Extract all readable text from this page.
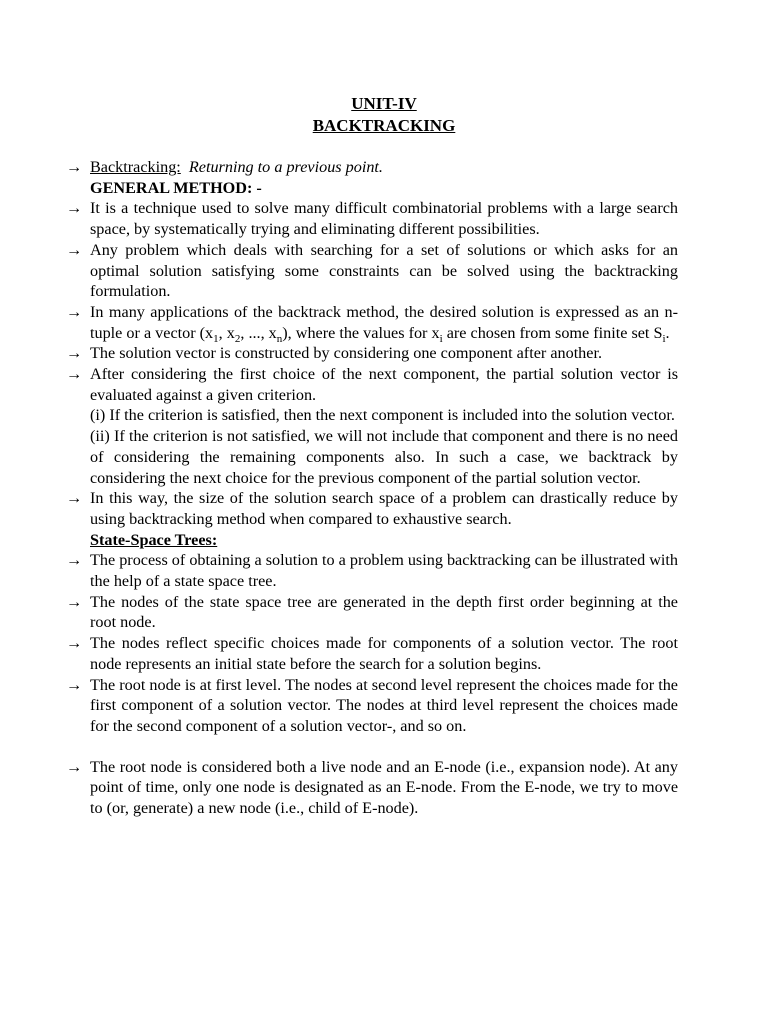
UNIT-IV
BACKTRACKING
→ Backtracking: Returning to a previous point.
GENERAL METHOD: -
→ It is a technique used to solve many difficult combinatorial problems with a large search space, by systematically trying and eliminating different possibilities.
→ Any problem which deals with searching for a set of solutions or which asks for an optimal solution satisfying some constraints can be solved using the backtracking formulation.
→ In many applications of the backtrack method, the desired solution is expressed as an n-tuple or a vector ($x_1$, $x_2$, ..., $x_n$), where the values for $x_i$ are chosen from some finite set $S_i$.
→ The solution vector is constructed by considering one component after another.
→ After considering the first choice of the next component, the partial solution vector is evaluated against a given criterion.
(i) If the criterion is satisfied, then the next component is included into the solution vector.
(ii) If the criterion is not satisfied, we will not include that component and there is no need of considering the remaining components also. In such a case, we backtrack by considering the next choice for the previous component of the partial solution vector.
→ In this way, the size of the solution search space of a problem can drastically reduce by using backtracking method when compared to exhaustive search.
State-Space Trees:
→ The process of obtaining a solution to a problem using backtracking can be illustrated with the help of a state space tree.
→ The nodes of the state space tree are generated in the depth first order beginning at the root node.
→ The nodes reflect specific choices made for components of a solution vector. The root node represents an initial state before the search for a solution begins.
→ The root node is at first level. The nodes at second level represent the choices made for the first component of a solution vector. The nodes at third level represent the choices made for the second component of a solution vector-, and so on.
→ The root node is considered both a live node and an E-node (i.e., expansion node). At any point of time, only one node is designated as an E-node. From the E-node, we try to move to (or, generate) a new node (i.e., child of E-node).
